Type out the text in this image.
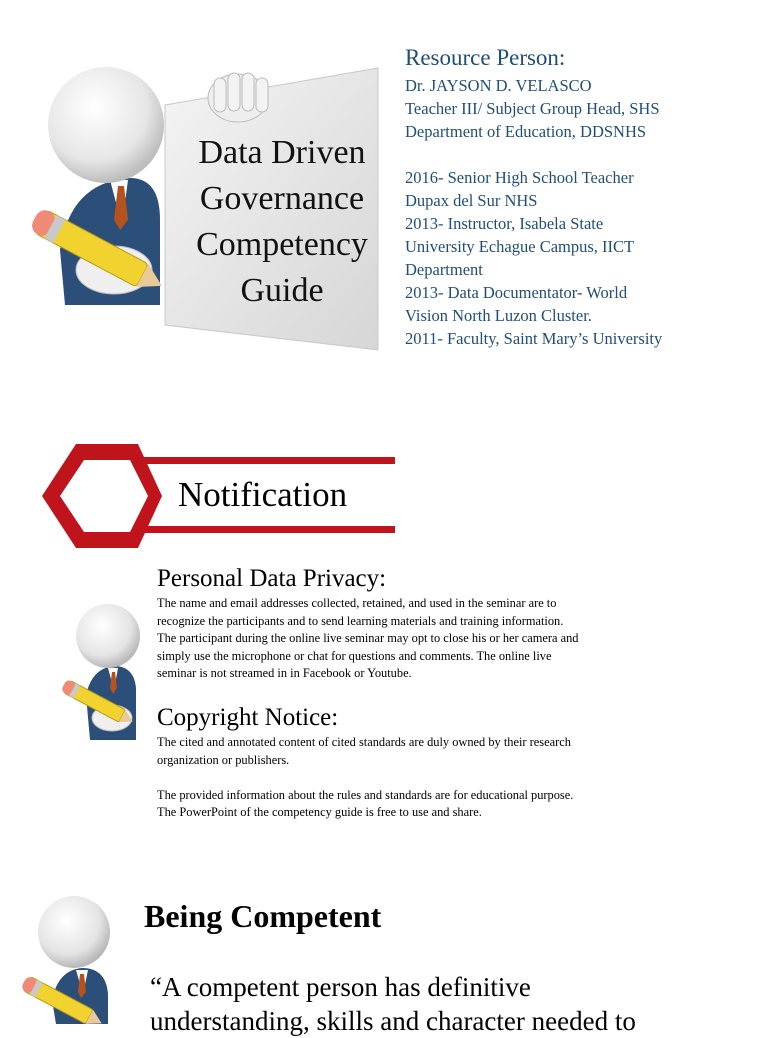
Data Driven
Governance
Competency
Guide
Resource Person:
Dr. JAYSON D. VELASCO
Teacher III/ Subject Group Head, SHS
Department of Education, DDSNHS
2016- Senior High School Teacher
Dupax del Sur NHS
2013- Instructor, Isabela State
University Echague Campus, IICT
Department
2013- Data Documentator- World
Vision North Luzon Cluster.
2011- Faculty, Saint Mary’s University
Notification
Personal Data Privacy:
The name and email addresses collected, retained, and used in the seminar are to
recognize the participants and to send learning materials and training information.
The participant during the online live seminar may opt to close his or her camera and
simply use the microphone or chat for questions and comments. The online live
seminar is not streamed in in Facebook or Youtube.
Copyright Notice:
The cited and annotated content of cited standards are duly owned by their research
organization or publishers.
The provided information about the rules and standards are for educational purpose.
The PowerPoint of the competency guide is free to use and share.
Being Competent
“A competent person has definitive
understanding, skills and character needed to
